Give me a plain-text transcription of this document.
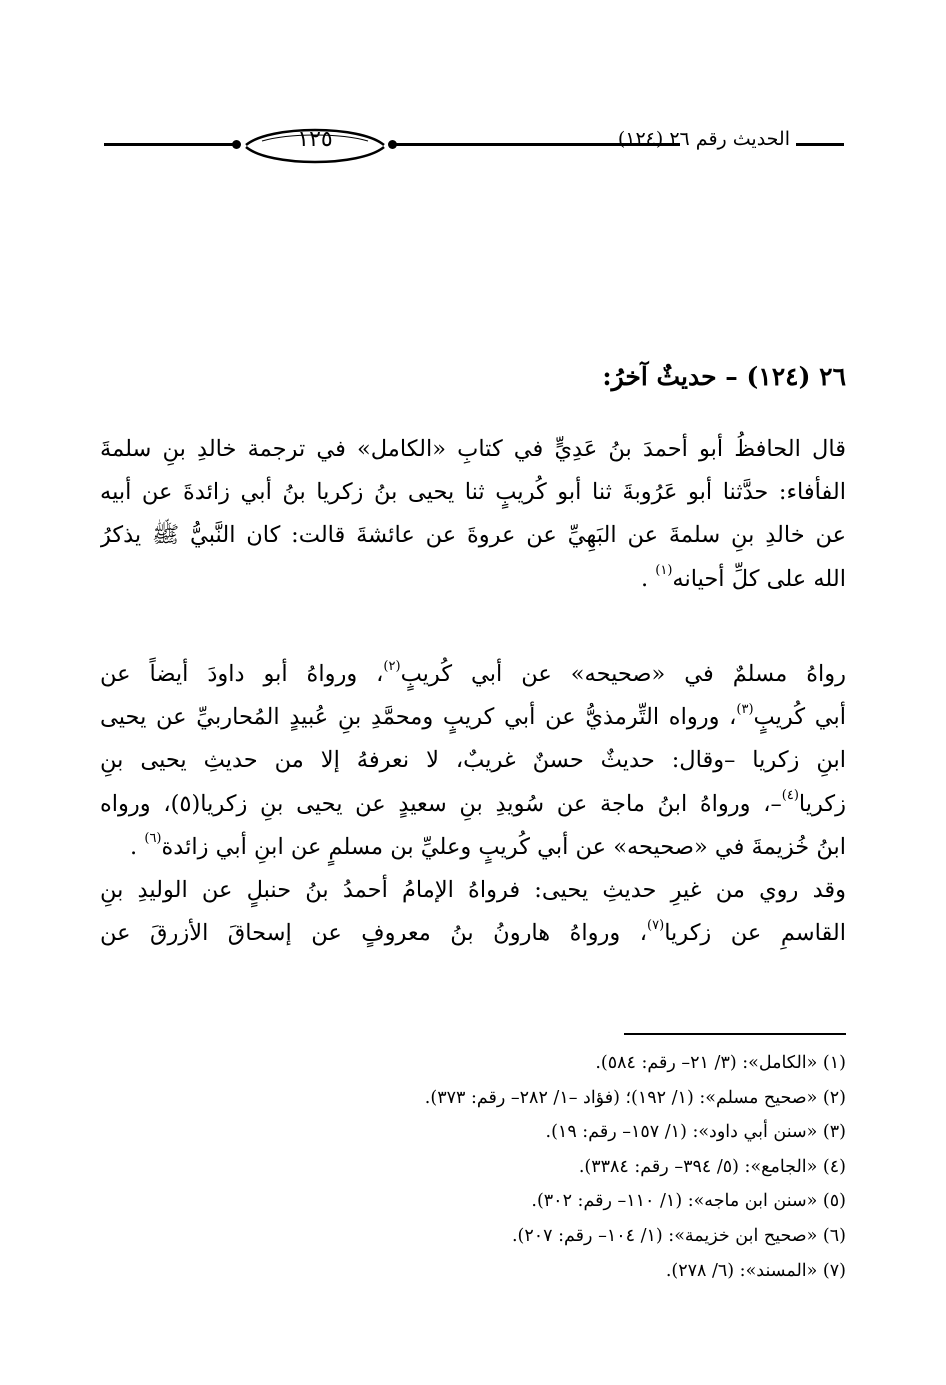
١٢٥	الحديث رقم ٢٦ (١٢٤)
٢٦ (١٢٤) – حديثٌ آخرُ:
قال الحافظُ أبو أحمدَ بنُ عَدِيٍّ في كتابِ «الكامل» في ترجمة خالدِ بنِ سلمةَ
الفأفاء: حدَّثنا أبو عَرُوبةَ ثنا أبو كُريبٍ ثنا يحيى بنُ زكريا بنُ أبي زائدةَ عن أبيه
عن خالدِ بنِ سلمةَ عن البَهِيِّ عن عروةَ عن عائشةَ قالت: كان النَّبيُّ ﷺ يذكرُ
الله على كلِّ أحيانه$^{(١)}$ .
رواهُ مسلمٌ في «صحيحه» عن أبي كُريبٍ$^{(٢)}$، ورواهُ أبو داودَ أيضاً عن
أبي كُريبٍ$^{(٣)}$، ورواه التِّرمذيُّ عن أبي كريبٍ ومحمَّدِ بنِ عُبيدٍ المُحاربيِّ عن يحيى
ابنِ زكريا –وقال: حديثٌ حسنٌ غريبٌ، لا نعرفهُ إلا من حديثِ يحيى بنِ
زكريا$^{(٤)}$–، ورواهُ ابنُ ماجة عن سُويدِ بنِ سعيدٍ عن يحيى بنِ زكريا(٥)، ورواه
ابنُ خُزيمةَ في «صحيحه» عن أبي كُريبٍ وعليِّ بن مسلمٍ عن ابنِ أبي زائدة$^{(٦)}$ .
وقد روي من غيرِ حديثِ يحيى: فرواهُ الإمامُ أحمدُ بنُ حنبلٍ عن الوليدِ بنِ
القاسمِ عن زكريا$^{(٧)}$، ورواهُ هارونُ بنُ معروفٍ عن إسحاقَ الأزرقَ عن
(١) «الكامل»: (٣/ ٢١– رقم: ٥٨٤).
(٢) «صحيح مسلم»: (١/ ١٩٢)؛ (فؤاد –١/ ٢٨٢– رقم: ٣٧٣).
(٣) «سنن أبي داود»: (١/ ١٥٧– رقم: ١٩).
(٤) «الجامع»: (٥/ ٣٩٤– رقم: ٣٣٨٤).
(٥) «سنن ابن ماجه»: (١/ ١١٠– رقم: ٣٠٢).
(٦) «صحيح ابن خزيمة»: (١/ ١٠٤– رقم: ٢٠٧).
(٧) «المسند»: (٦/ ٢٧٨).
